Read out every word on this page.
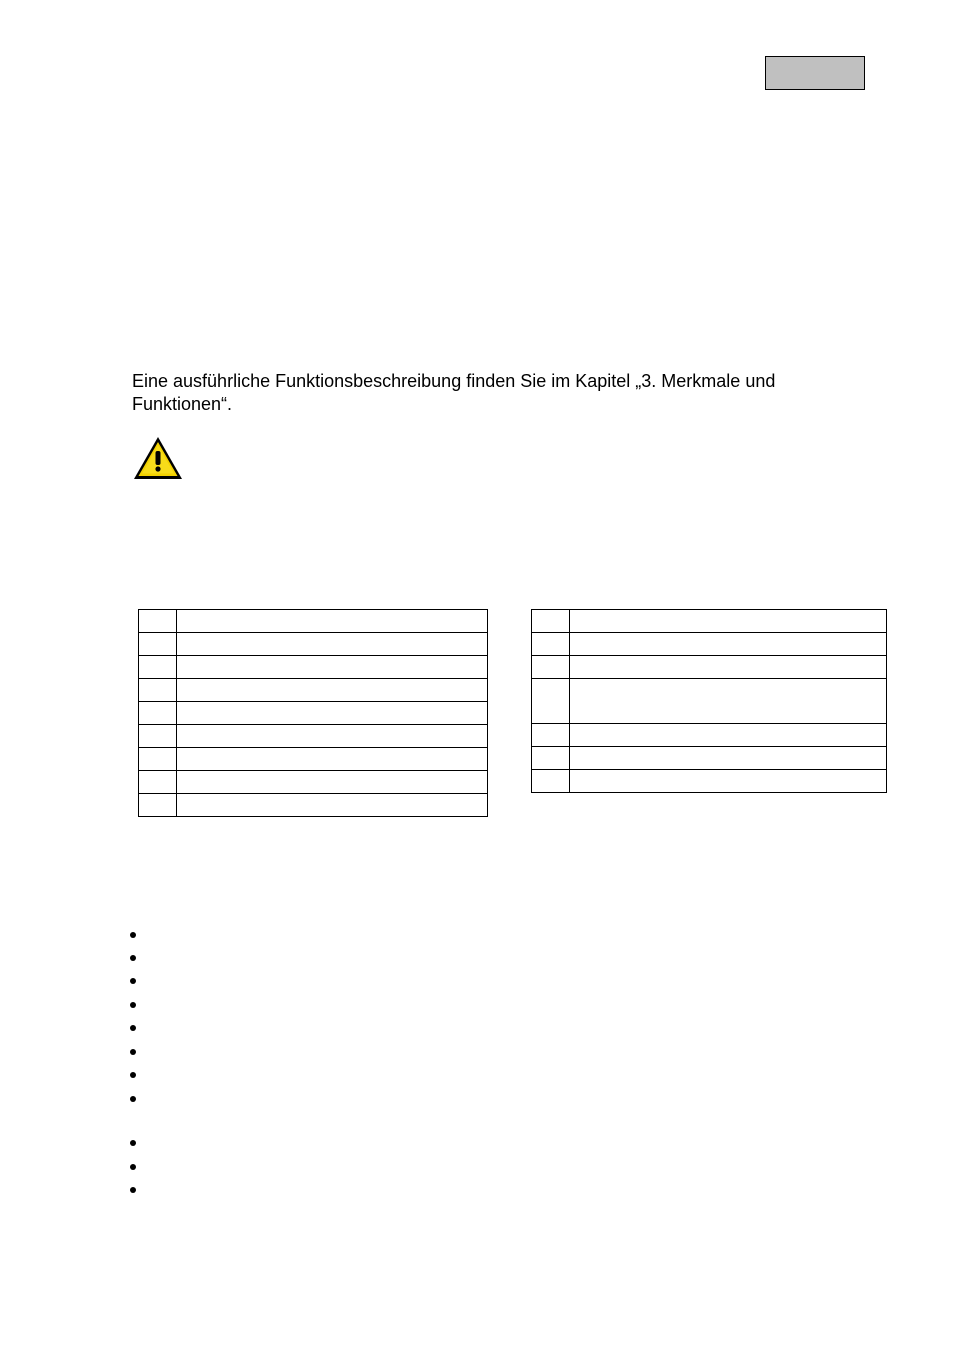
Eine ausführliche Funktionsbeschreibung finden Sie im Kapitel „3. Merkmale und Funktionen“.
